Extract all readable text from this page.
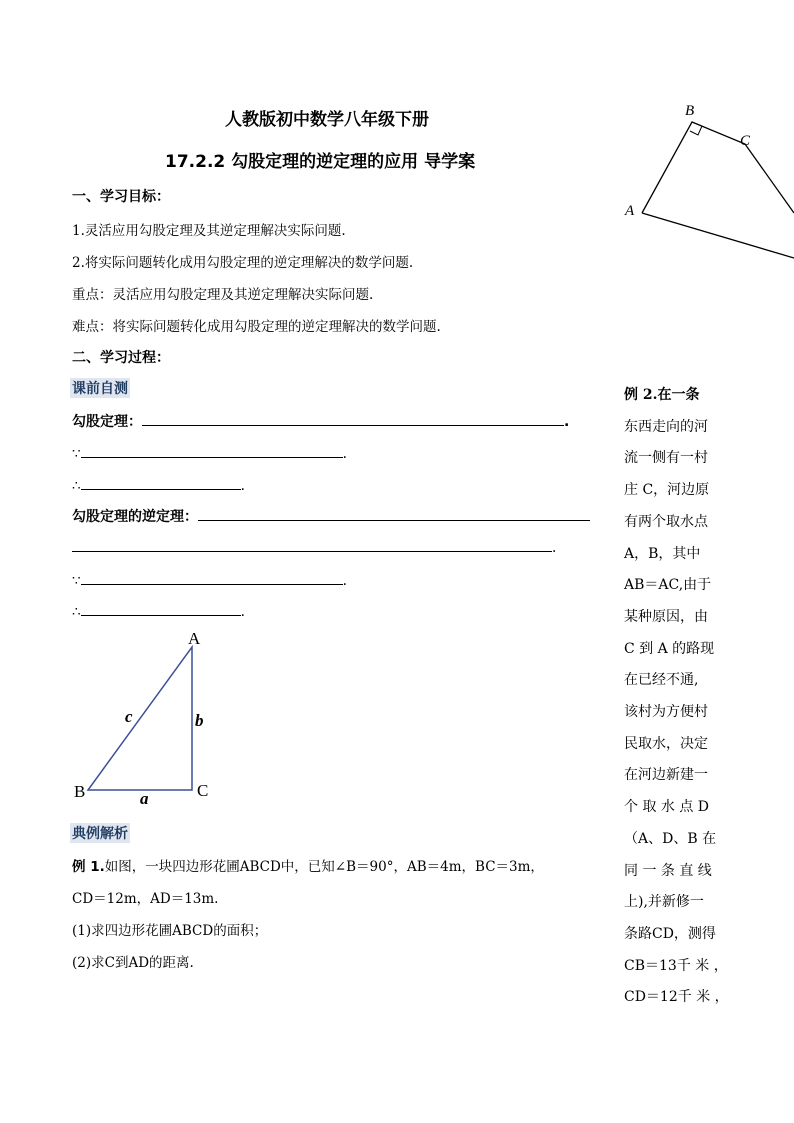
人教版初中数学八年级下册
17.2.2 勾股定理的逆定理的应用 导学案
一、学习目标：
1.灵活应用勾股定理及其逆定理解决实际问题.
2.将实际问题转化成用勾股定理的逆定理解决的数学问题.
重点：灵活应用勾股定理及其逆定理解决实际问题.
难点：将实际问题转化成用勾股定理的逆定理解决的数学问题.
二、学习过程：
课前自测
勾股定理：	.
∵	.
∴	.
勾股定理的逆定理：
.
∵	.
∴	.
A
B	C
a
b
c
典例解析
例 1.如图，一块四边形花圃ABCD中，已知∠B＝90°，AB＝4m，BC＝3m，
CD＝12m，AD＝13m.
(1)求四边形花圃ABCD的面积；
(2)求C到AD的距离.
B
C
A
例 2.在一条
东西走向的河
流一侧有一村
庄 C，河边原
有两个取水点
A，B，其中
AB＝AC,由于
某种原因，由
C 到 A 的路现
在已经不通,
该村为方便村
民取水，决定
在河边新建一
个 取 水 点 D
（A、D、B 在
同 一 条 直 线
上),并新修一
条路CD，测得
CB＝13千 米 ，
CD＝12千 米 ，
